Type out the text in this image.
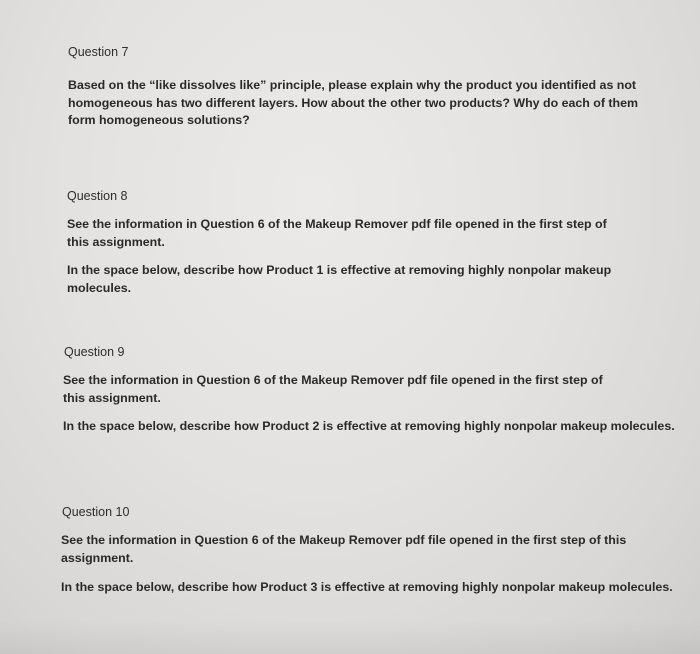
Question 7

Based on the “like dissolves like” principle, please explain why the product you identified as not homogeneous has two different layers. How about the other two products? Why do each of them form homogeneous solutions?

Question 8

See the information in Question 6 of the Makeup Remover pdf file opened in the first step of this assignment.

In the space below, describe how Product 1 is effective at removing highly nonpolar makeup molecules.

Question 9

See the information in Question 6 of the Makeup Remover pdf file opened in the first step of this assignment.

In the space below, describe how Product 2 is effective at removing highly nonpolar makeup molecules.

Question 10

See the information in Question 6 of the Makeup Remover pdf file opened in the first step of this assignment.

In the space below, describe how Product 3 is effective at removing highly nonpolar makeup molecules.
